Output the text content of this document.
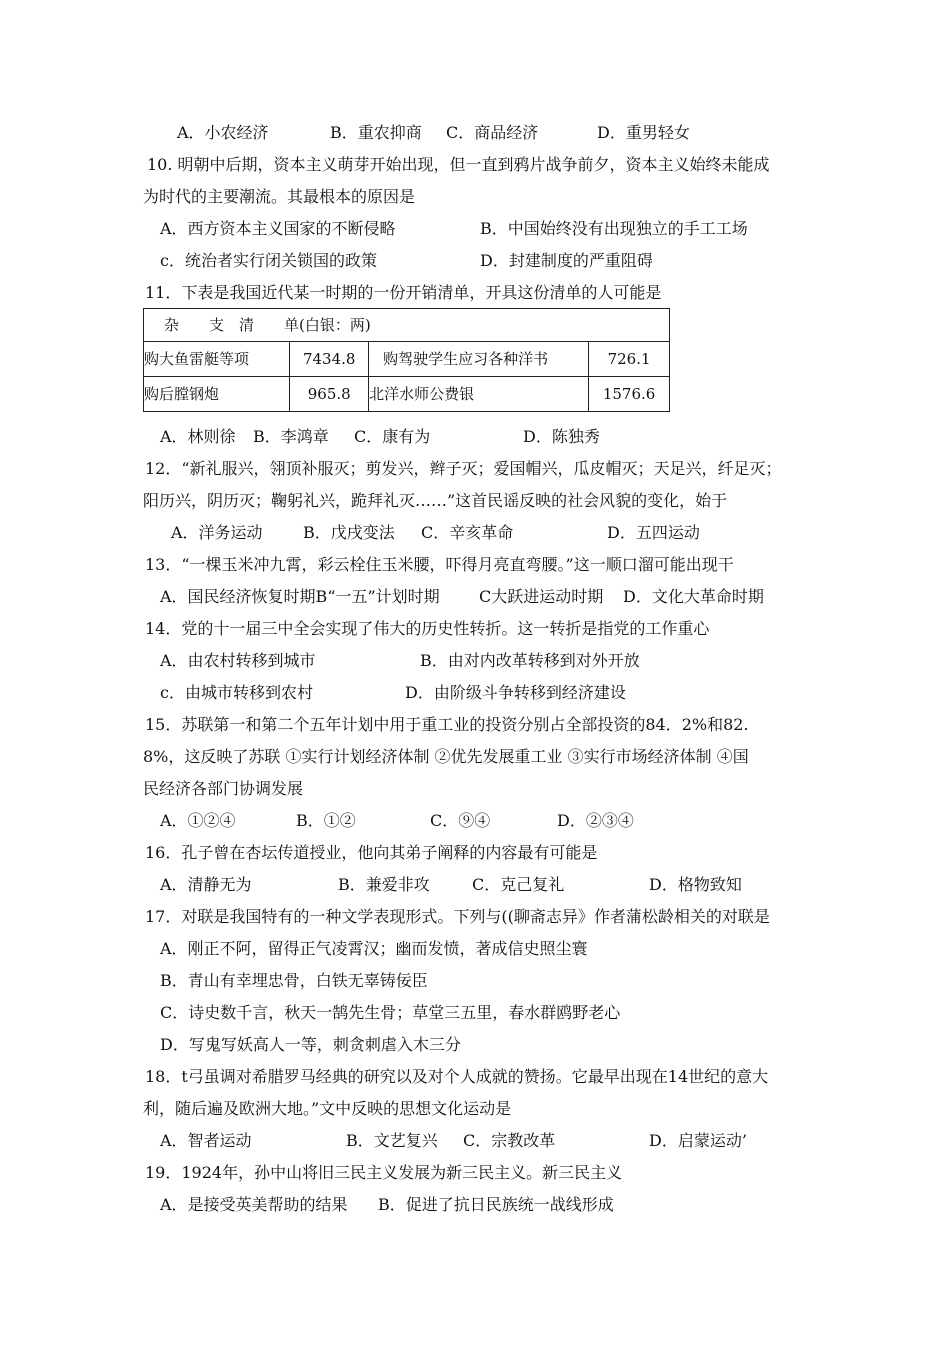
A．小农经济	B．重农抑商 C．商品经济	D．重男轻女
10. 明朝中后期，资本主义萌芽开始出现，但一直到鸦片战争前夕，资本主义始终未能成
为时代的主要潮流。其最根本的原因是
A．西方资本主义国家的不断侵略	B．中国始终没有出现独立的手工工场
c．统治者实行闭关锁国的政策	D．封建制度的严重阻碍
11．下表是我国近代某一时期的一份开销清单，开具这份清单的人可能是
杂　　支　清　　单(白银：两)			
购大鱼雷艇等项	7434.8	购驾驶学生应习各种洋书	726.1
购后膛钢炮	965.8	北洋水师公费银	1576.6
A．林则徐 B．李鸿章 C．康有为	D．陈独秀
12．“新礼服兴，翎顶补服灭；剪发兴，辫子灭；爱国帽兴，瓜皮帽灭；天足兴，纤足灭；
阳历兴，阴历灭；鞠躬礼兴，跪拜礼灭……”这首民谣反映的社会风貌的变化，始于
A．洋务运动	B．戊戌变法 C．辛亥革命	D．五四运动
13．“一棵玉米冲九霄，彩云栓住玉米腰，吓得月亮直弯腰。”这一顺口溜可能出现干
A．国民经济恢复时期B“一五”计划时期 C大跃进运动时期 D．文化大革命时期
14．党的十一届三中全会实现了伟大的历史性转折。这一转折是指党的工作重心
A．由农村转移到城市	B．由对内改革转移到对外开放
c．由城市转移到农村	D．由阶级斗争转移到经济建设
15．苏联第一和第二个五年计划中用于重工业的投资分别占全部投资的84．2%和82.
8%，这反映了苏联 ①实行计划经济体制 ②优先发展重工业 ③实行市场经济体制 ④国
民经济各部门协调发展
A．①②④	B．①②	C．⑨④	D．②③④
16．孔子曾在杏坛传道授业，他向其弟子阐释的内容最有可能是
A．清静无为	B．兼爱非攻	C．克己复礼	D．格物致知
17．对联是我国特有的一种文学表现形式。下列与((聊斋志异》作者蒲松龄相关的对联是
A．刚正不阿，留得正气凌霄汉；幽而发愤，著成信史照尘寰
B．青山有幸埋忠骨，白铁无辜铸佞臣
C．诗史数千言，秋天一鹄先生骨；草堂三五里，春水群鸥野老心
D．写鬼写妖高人一等，刺贪刺虐入木三分
18．t弓虽调对希腊罗马经典的研究以及对个人成就的赞扬。它最早出现在14世纪的意大
利，随后遍及欧洲大地。”文中反映的思想文化运动是
A．智者运动	B．文艺复兴 C．宗教改革	D．启蒙运动’
19．1924年，孙中山将旧三民主义发展为新三民主义。新三民主义
A．是接受英美帮助的结果 B．促进了抗日民族统一战线形成
